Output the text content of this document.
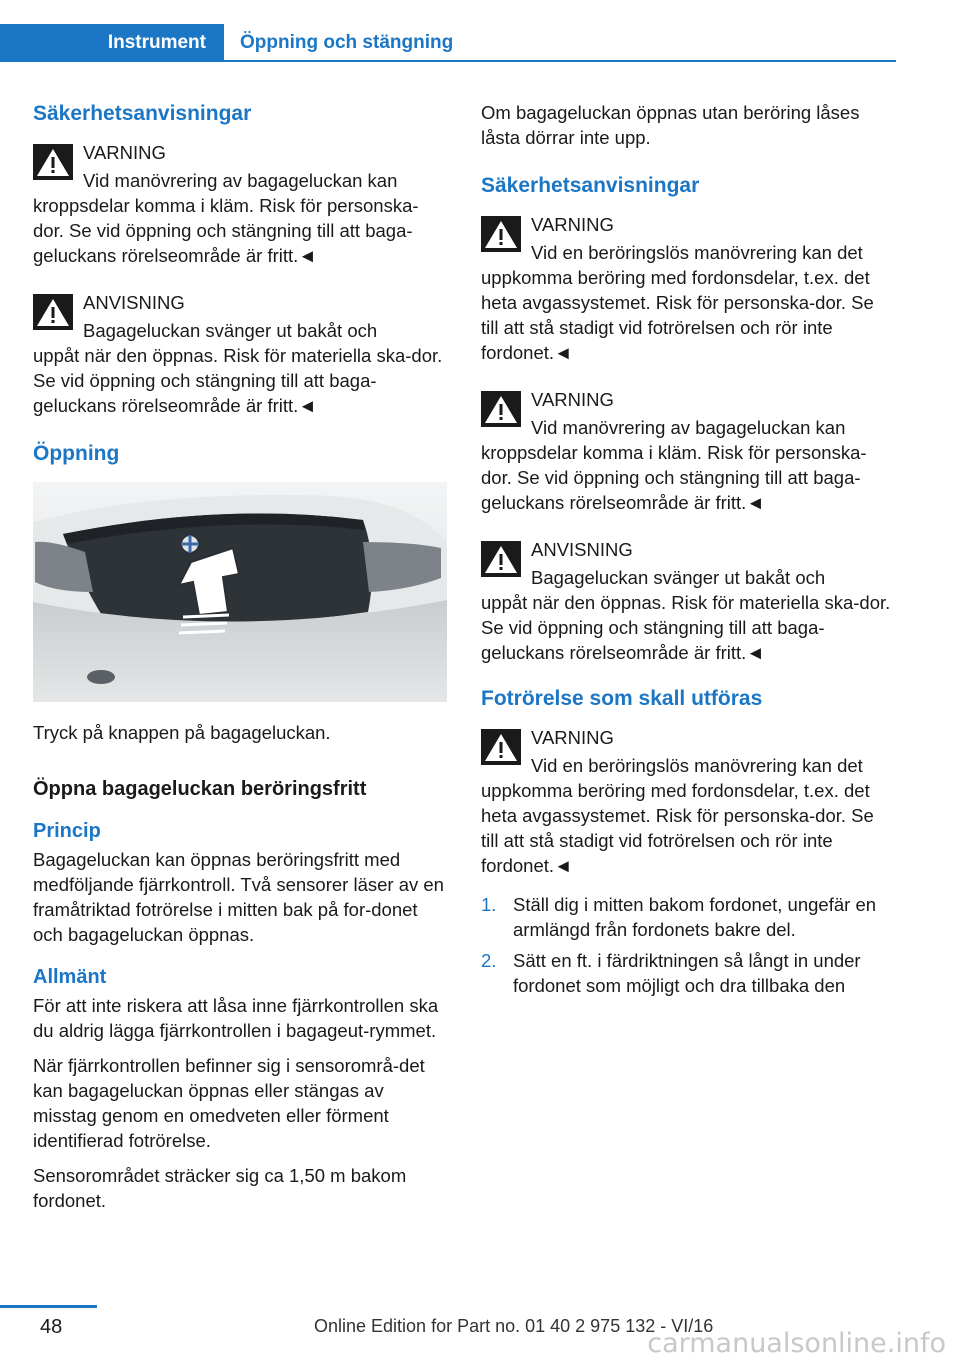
Instrument	Öppning och stängning
Säkerhetsanvisningar
VARNING
Vid manövrering av bagageluckan kan
kroppsdelar komma i kläm. Risk för personska-dor. Se vid öppning och stängning till att baga-geluckans rörelseområde är fritt.◄
ANVISNING
Bagageluckan svänger ut bakåt och
uppåt när den öppnas. Risk för materiella ska-dor. Se vid öppning och stängning till att baga-geluckans rörelseområde är fritt.◄
Öppning
Tryck på knappen på bagageluckan.
Öppna bagageluckan beröringsfritt
Princip
Bagageluckan kan öppnas beröringsfritt med medföljande fjärrkontroll. Två sensorer läser av en framåtriktad fotrörelse i mitten bak på for-donet och bagageluckan öppnas.
Allmänt
För att inte riskera att låsa inne fjärrkontrollen ska du aldrig lägga fjärrkontrollen i bagageut-rymmet.
När fjärrkontrollen befinner sig i sensorområ-det kan bagageluckan öppnas eller stängas av misstag genom en omedveten eller förment identifierad fotrörelse.
Sensorområdet sträcker sig ca 1,50 m bakom fordonet.
Om bagageluckan öppnas utan beröring låses låsta dörrar inte upp.
Säkerhetsanvisningar
VARNING
Vid en beröringslös manövrering kan det
uppkomma beröring med fordonsdelar, t.ex. det heta avgassystemet. Risk för personska-dor. Se till att stå stadigt vid fotrörelsen och rör inte fordonet.◄
VARNING
Vid manövrering av bagageluckan kan
kroppsdelar komma i kläm. Risk för personska-dor. Se vid öppning och stängning till att baga-geluckans rörelseområde är fritt.◄
ANVISNING
Bagageluckan svänger ut bakåt och
uppåt när den öppnas. Risk för materiella ska-dor. Se vid öppning och stängning till att baga-geluckans rörelseområde är fritt.◄
Fotrörelse som skall utföras
VARNING
Vid en beröringslös manövrering kan det
uppkomma beröring med fordonsdelar, t.ex. det heta avgassystemet. Risk för personska-dor. Se till att stå stadigt vid fotrörelsen och rör inte fordonet.◄
1. Ställ dig i mitten bakom fordonet, ungefär en armlängd från fordonets bakre del.
2. Sätt en ft. i färdriktningen så långt in under fordonet som möjligt och dra tillbaka den
48	Online Edition for Part no. 01 40 2 975 132 - VI/16
carmanualsonline.info
